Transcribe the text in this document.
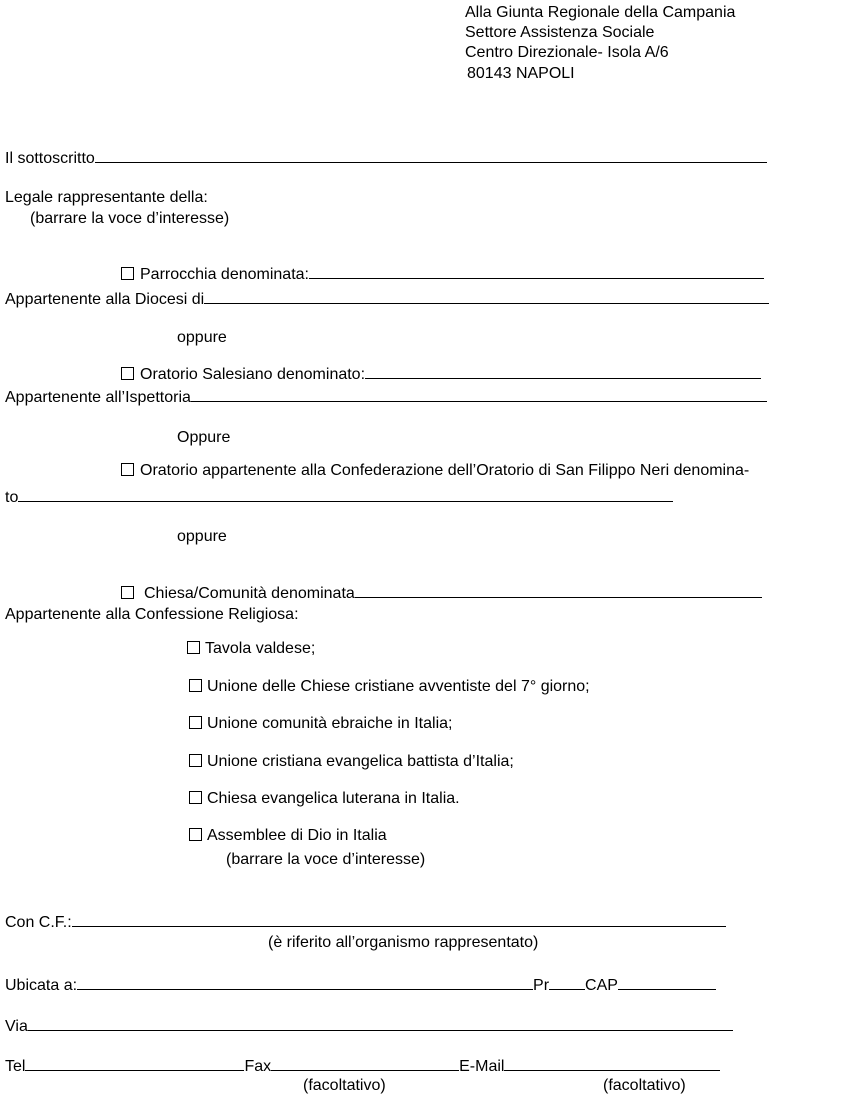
Alla Giunta Regionale della Campania
Settore Assistenza Sociale
Centro Direzionale- Isola A/6
80143 NAPOLI
Il sottoscritto
Legale rappresentante della:
(barrare la voce d’interesse)
Parrocchia denominata:
Appartenente alla Diocesi di
oppure
Oratorio Salesiano denominato:
Appartenente all’Ispettoria
Oppure
Oratorio appartenente alla Confederazione dell’Oratorio di San Filippo Neri denomina-
to
oppure
Chiesa/Comunità denominata
Appartenente alla Confessione Religiosa:
Tavola valdese;
Unione delle Chiese cristiane avventiste del 7° giorno;
Unione comunità ebraiche in Italia;
Unione cristiana evangelica battista d’Italia;
Chiesa evangelica luterana in Italia.
Assemblee di Dio in Italia
(barrare la voce d’interesse)
Con C.F.:
(è riferito all’organismo rappresentato)
Ubicata a:	Pr CAP
Via
Tel	Fax	E-Mail
(facoltativo)	(facoltativo)
